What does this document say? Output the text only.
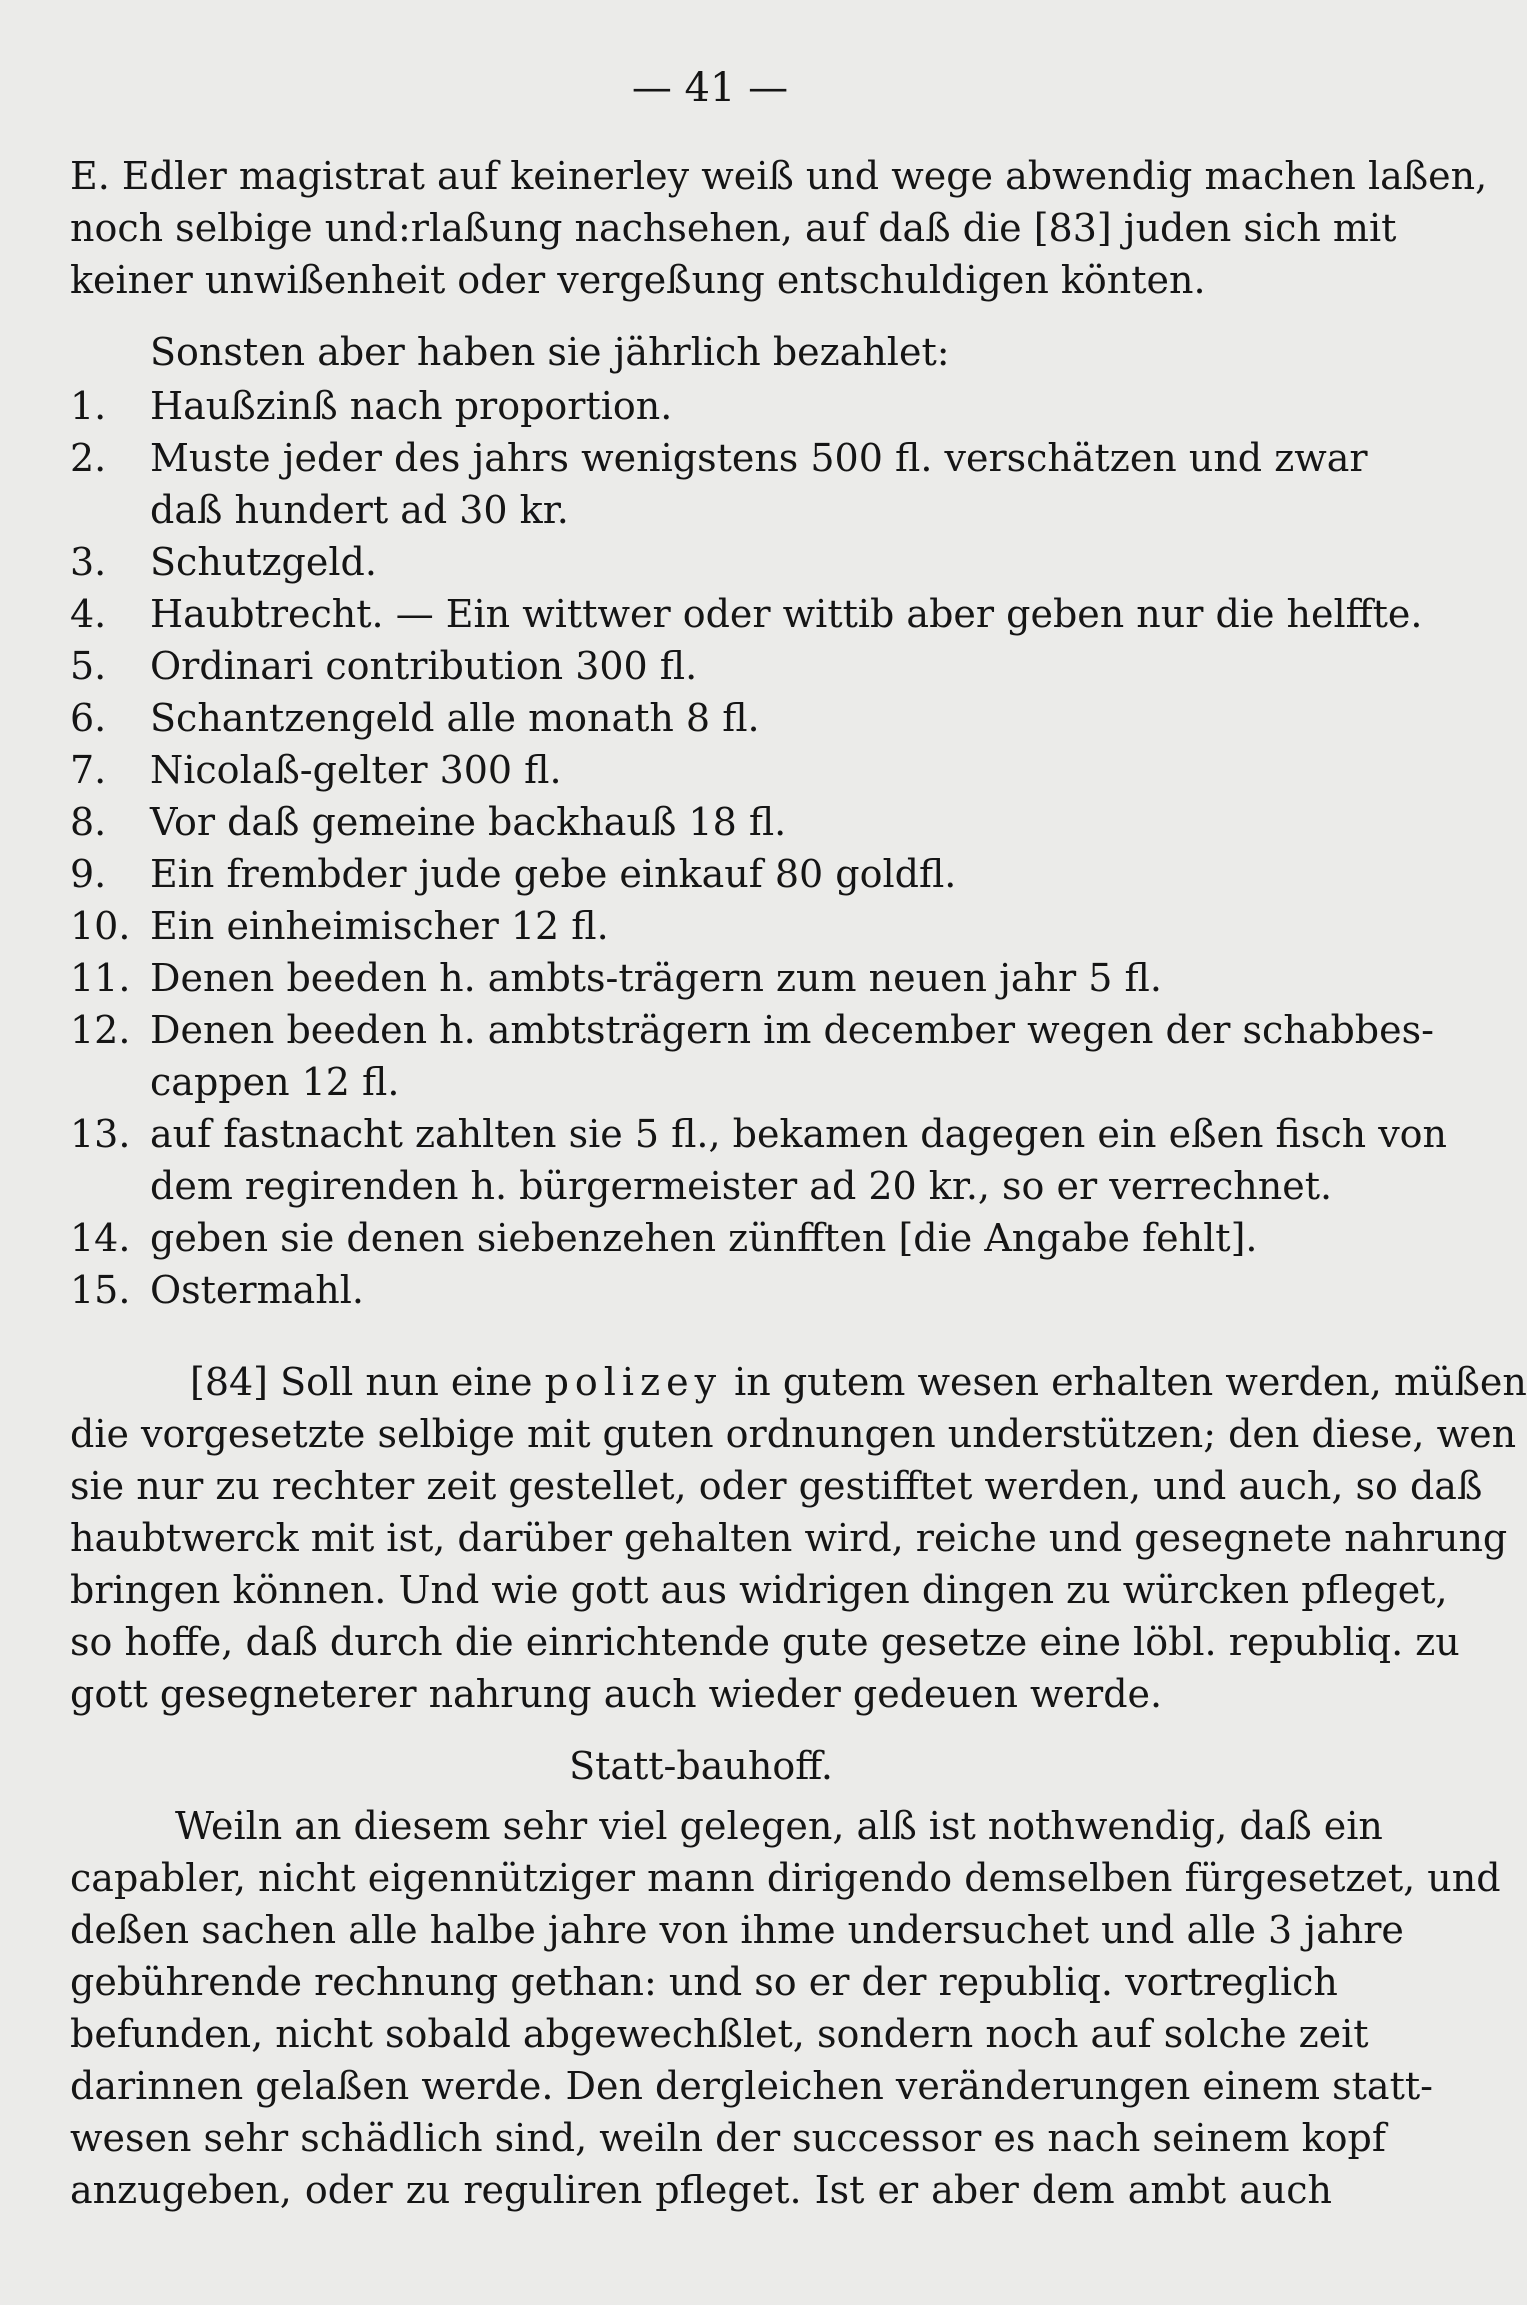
— 41 —
E. Edler magistrat auf keinerley weiß und wege abwendig machen laßen,
noch selbige und:rlaßung nachsehen, auf daß die [83] juden sich mit
keiner unwißenheit oder vergeßung entschuldigen könten.
Sonsten aber haben sie jährlich bezahlet:
1. Haußzinß nach proportion.
2. Muste jeder des jahrs wenigstens 500 fl. verschätzen und zwar
daß hundert ad 30 kr.
3. Schutzgeld.
4. Haubtrecht. — Ein wittwer oder wittib aber geben nur die helffte.
5. Ordinari contribution 300 fl.
6. Schantzengeld alle monath 8 fl.
7. Nicolaß-gelter 300 fl.
8. Vor daß gemeine backhauß 18 fl.
9. Ein frembder jude gebe einkauf 80 goldfl.
10. Ein einheimischer 12 fl.
11. Denen beeden h. ambts-trägern zum neuen jahr 5 fl.
12. Denen beeden h. ambtsträgern im december wegen der schabbes-
cappen 12 fl.
13. auf fastnacht zahlten sie 5 fl., bekamen dagegen ein eßen fisch von
dem regirenden h. bürgermeister ad 20 kr., so er verrechnet.
14. geben sie denen siebenzehen zünfften [die Angabe fehlt].
15. Ostermahl.
[84] Soll nun eine polizey in gutem wesen erhalten werden, müßen
die vorgesetzte selbige mit guten ordnungen understützen; den diese, wen
sie nur zu rechter zeit gestellet, oder gestifftet werden, und auch, so daß
haubtwerck mit ist, darüber gehalten wird, reiche und gesegnete nahrung
bringen können. Und wie gott aus widrigen dingen zu würcken pfleget,
so hoffe, daß durch die einrichtende gute gesetze eine löbl. republiq. zu
gott gesegneterer nahrung auch wieder gedeuen werde.
Statt-bauhoff.
Weiln an diesem sehr viel gelegen, alß ist nothwendig, daß ein
capabler, nicht eigennütziger mann dirigendo demselben fürgesetzet, und
deßen sachen alle halbe jahre von ihme undersuchet und alle 3 jahre
gebührende rechnung gethan: und so er der republiq. vortreglich
befunden, nicht sobald abgewechßlet, sondern noch auf solche zeit
darinnen gelaßen werde. Den dergleichen veränderungen einem statt-
wesen sehr schädlich sind, weiln der successor es nach seinem kopf
anzugeben, oder zu reguliren pfleget. Ist er aber dem ambt auch
